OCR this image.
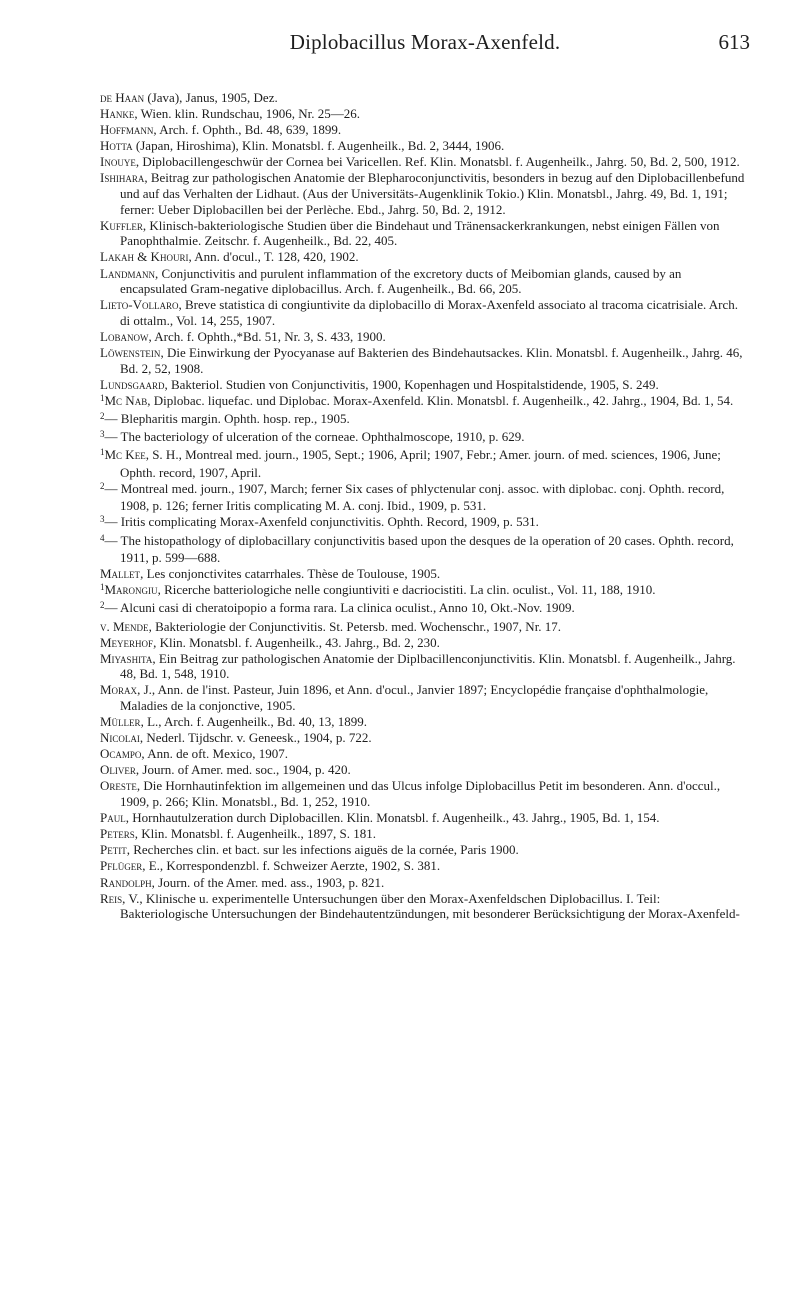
Diplobacillus Morax-Axenfeld.	613

de Haan (Java), Janus, 1905, Dez.

Hanke, Wien. klin. Rundschau, 1906, Nr. 25—26.

Hoffmann, Arch. f. Ophth., Bd. 48, 639, 1899.

Hotta (Japan, Hiroshima), Klin. Monatsbl. f. Augenheilk., Bd. 2, 3444, 1906.

Inouye, Diplobacillengeschwür der Cornea bei Varicellen. Ref. Klin. Monatsbl. f. Augenheilk., Jahrg. 50, Bd. 2, 500, 1912.

Ishihara, Beitrag zur pathologischen Anatomie der Blepharoconjunctivitis, besonders in bezug auf den Diplobacillenbefund und auf das Verhalten der Lidhaut. (Aus der Universitäts-Augenklinik Tokio.) Klin. Monatsbl., Jahrg. 49, Bd. 1, 191; ferner: Ueber Diplobacillen bei der Perlèche. Ebd., Jahrg. 50, Bd. 2, 1912.

Kuffler, Klinisch-bakteriologische Studien über die Bindehaut und Tränensackerkrankungen, nebst einigen Fällen von Panophthalmie. Zeitschr. f. Augenheilk., Bd. 22, 405.

Lakah & Khouri, Ann. d'ocul., T. 128, 420, 1902.

Landmann, Conjunctivitis and purulent inflammation of the excretory ducts of Meibomian glands, caused by an encapsulated Gram-negative diplobacillus. Arch. f. Augenheilk., Bd. 66, 205.

Lieto-Vollaro, Breve statistica di congiuntivite da diplobacillo di Morax-Axenfeld associato al tracoma cicatrisiale. Arch. di ottalm., Vol. 14, 255, 1907.

Lobanow, Arch. f. Ophth.,*Bd. 51, Nr. 3, S. 433, 1900.

Löwenstein, Die Einwirkung der Pyocyanase auf Bakterien des Bindehautsackes. Klin. Monatsbl. f. Augenheilk., Jahrg. 46, Bd. 2, 52, 1908.

Lundsgaard, Bakteriol. Studien von Conjunctivitis, 1900, Kopenhagen und Hospitalstidende, 1905, S. 249.

$^1$Mc Nab, Diplobac. liquefac. und Diplobac. Morax-Axenfeld. Klin. Monatsbl. f. Augenheilk., 42. Jahrg., 1904, Bd. 1, 54.

$^2$— Blepharitis margin. Ophth. hosp. rep., 1905.

$^3$— The bacteriology of ulceration of the corneae. Ophthalmoscope, 1910, p. 629.

$^1$Mc Kee, S. H., Montreal med. journ., 1905, Sept.; 1906, April; 1907, Febr.; Amer. journ. of med. sciences, 1906, June; Ophth. record, 1907, April.

$^2$— Montreal med. journ., 1907, March; ferner Six cases of phlyctenular conj. assoc. with diplobac. conj. Ophth. record, 1908, p. 126; ferner Iritis complicating M. A. conj. Ibid., 1909, p. 531.

$^3$— Iritis complicating Morax-Axenfeld conjunctivitis. Ophth. Record, 1909, p. 531.

$^4$— The histopathology of diplobacillary conjunctivitis based upon the desques de la operation of 20 cases. Ophth. record, 1911, p. 599—688.

Mallet, Les conjonctivites catarrhales. Thèse de Toulouse, 1905.

$^1$Marongiu, Ricerche batteriologiche nelle congiuntiviti e dacriocistiti. La clin. oculist., Vol. 11, 188, 1910.

$^2$— Alcuni casi di cheratoipopio a forma rara. La clinica oculist., Anno 10, Okt.-Nov. 1909.

v. Mende, Bakteriologie der Conjunctivitis. St. Petersb. med. Wochenschr., 1907, Nr. 17.

Meyerhof, Klin. Monatsbl. f. Augenheilk., 43. Jahrg., Bd. 2, 230.

Miyashita, Ein Beitrag zur pathologischen Anatomie der Diplbacillenconjunctivitis. Klin. Monatsbl. f. Augenheilk., Jahrg. 48, Bd. 1, 548, 1910.

Morax, J., Ann. de l'inst. Pasteur, Juin 1896, et Ann. d'ocul., Janvier 1897; Encyclopédie française d'ophthalmologie, Maladies de la conjonctive, 1905.

Müller, L., Arch. f. Augenheilk., Bd. 40, 13, 1899.

Nicolai, Nederl. Tijdschr. v. Geneesk., 1904, p. 722.

Ocampo, Ann. de oft. Mexico, 1907.

Oliver, Journ. of Amer. med. soc., 1904, p. 420.

Oreste, Die Hornhautinfektion im allgemeinen und das Ulcus infolge Diplobacillus Petit im besonderen. Ann. d'occul., 1909, p. 266; Klin. Monatsbl., Bd. 1, 252, 1910.

Paul, Hornhautulzeration durch Diplobacillen. Klin. Monatsbl. f. Augenheilk., 43. Jahrg., 1905, Bd. 1, 154.

Peters, Klin. Monatsbl. f. Augenheilk., 1897, S. 181.

Petit, Recherches clin. et bact. sur les infections aiguës de la cornée, Paris 1900.

Pflüger, E., Korrespondenzbl. f. Schweizer Aerzte, 1902, S. 381.

Randolph, Journ. of the Amer. med. ass., 1903, p. 821.

Reis, V., Klinische u. experimentelle Untersuchungen über den Morax-Axenfeldschen Diplobacillus. I. Teil: Bakteriologische Untersuchungen der Bindehautentzündungen, mit besonderer Berücksichtigung der Morax-Axenfeld-
